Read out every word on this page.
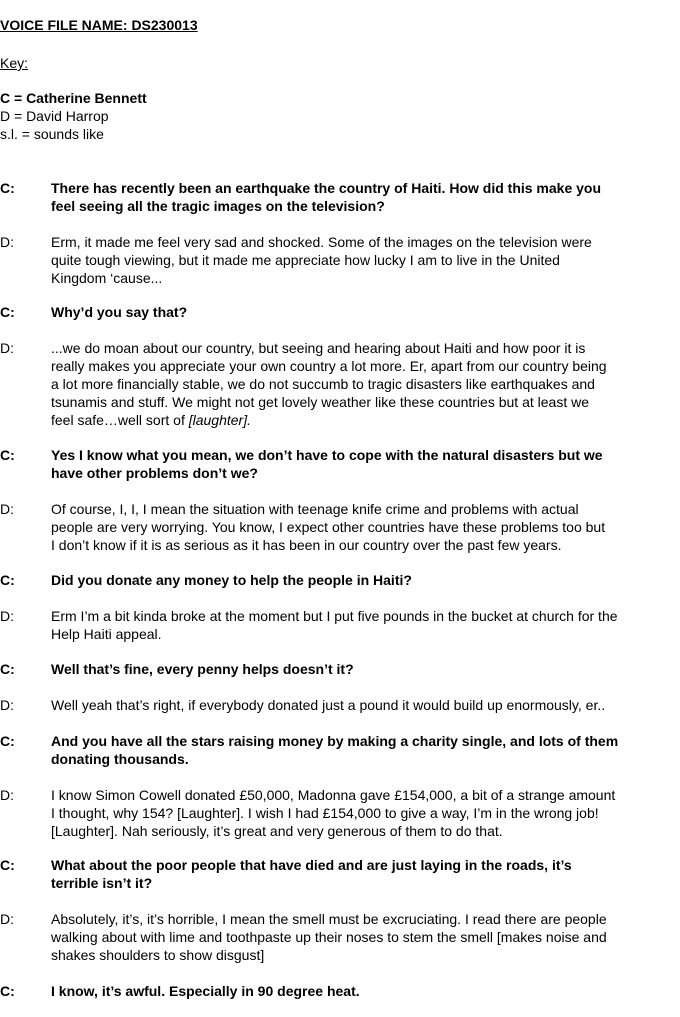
VOICE FILE NAME: DS230013
Key:
C = Catherine Bennett
D = David Harrop
s.l. = sounds like
C:	There has recently been an earthquake the country of Haiti. How did this make you
feel seeing all the tragic images on the television?
D:	Erm, it made me feel very sad and shocked. Some of the images on the television were
quite tough viewing, but it made me appreciate how lucky I am to live in the United
Kingdom ‘cause...
C:	Why’d you say that?
D:	...we do moan about our country, but seeing and hearing about Haiti and how poor it is
really makes you appreciate your own country a lot more. Er, apart from our country being
a lot more financially stable, we do not succumb to tragic disasters like earthquakes and
tsunamis and stuff. We might not get lovely weather like these countries but at least we
feel safe…well sort of [laughter].
C:	Yes I know what you mean, we don’t have to cope with the natural disasters but we
have other problems don’t we?
D:	Of course, I, I, I mean the situation with teenage knife crime and problems with actual
people are very worrying. You know, I expect other countries have these problems too but
I don’t know if it is as serious as it has been in our country over the past few years.
C:	Did you donate any money to help the people in Haiti?
D:	Erm I’m a bit kinda broke at the moment but I put five pounds in the bucket at church for the
Help Haiti appeal.
C:	Well that’s fine, every penny helps doesn’t it?
D:	Well yeah that’s right, if everybody donated just a pound it would build up enormously, er..
C:	And you have all the stars raising money by making a charity single, and lots of them
donating thousands.
D:	I know Simon Cowell donated £50,000, Madonna gave £154,000, a bit of a strange amount
I thought, why 154? [Laughter]. I wish I had £154,000 to give a way, I’m in the wrong job!
[Laughter]. Nah seriously, it’s great and very generous of them to do that.
C:	What about the poor people that have died and are just laying in the roads, it’s
terrible isn’t it?
D:	Absolutely, it’s, it’s horrible, I mean the smell must be excruciating. I read there are people
walking about with lime and toothpaste up their noses to stem the smell [makes noise and
shakes shoulders to show disgust]
C:	I know, it’s awful. Especially in 90 degree heat.
